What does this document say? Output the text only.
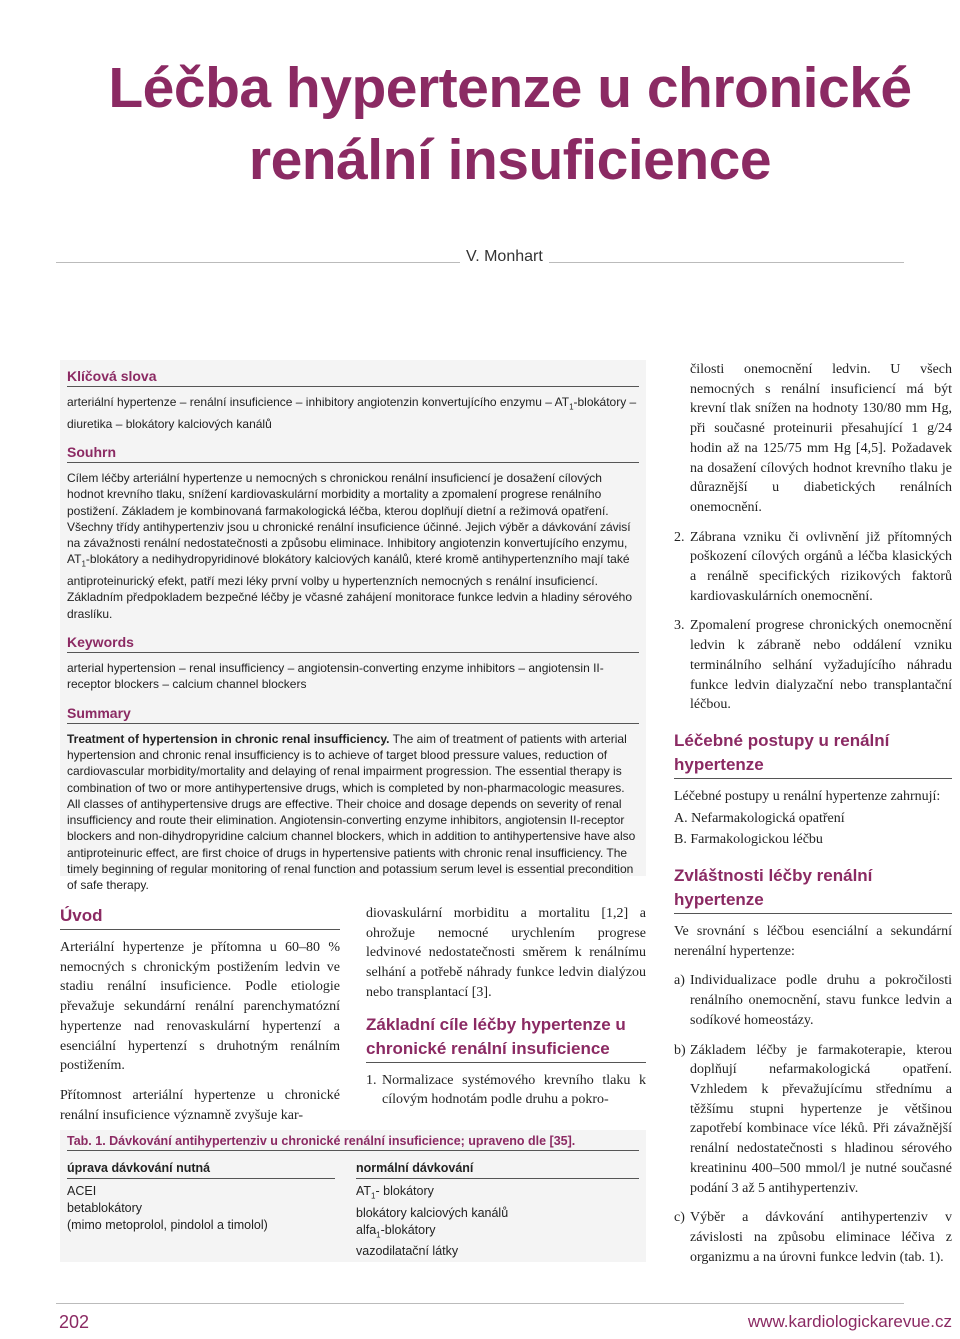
Léčba hypertenze u chronické renální insuficience
V. Monhart
Klíčová slova

arteriální hypertenze – renální insuficience – inhibitory angiotenzin konvertujícího enzymu – $AT_1$-blokátory – diuretika – blokátory kalciových kanálů

Souhrn

Cílem léčby arteriální hypertenze u nemocných s chronickou renální insuficiencí je dosažení cílových hodnot krevního tlaku, snížení kardiovaskulární morbidity a mortality a zpomalení progrese renálního postižení. Základem je kombinovaná farmakologická léčba, kterou doplňují dietní a režimová opatření. Všechny třídy antihypertenziv jsou u chronické renální insuficience účinné. Jejich výběr a dávkování závisí na závažnosti renální nedostatečnosti a způsobu eliminace. Inhibitory angiotenzin konvertujícího enzymu, $AT_1$-blokátory a nedihydropyridinové blokátory kalciových kanálů, které kromě antihypertenzního mají také antiproteinurický efekt, patří mezi léky první volby u hypertenzních nemocných s renální insuficiencí. Základním předpokladem bezpečné léčby je včasné zahájení monitorace funkce ledvin a hladiny sérového draslíku.

Keywords

arterial hypertension – renal insufficiency – angiotensin-converting enzyme inhibitors – angiotensin II-receptor blockers – calcium channel blockers

Summary

Treatment of hypertension in chronic renal insufficiency. The aim of treatment of patients with arterial hypertension and chronic renal insufficiency is to achieve of target blood pressure values, reduction of cardiovascular morbidity/mortality and delaying of renal impairment progression. The essential therapy is combination of two or more antihypertensive drugs, which is completed by non-pharmacologic measures. All classes of antihypertensive drugs are effective. Their choice and dosage depends on severity of renal insufficiency and route their elimination. Angiotensin-converting enzyme inhibitors, angiotensin II-receptor blockers and non-dihydropyridine calcium channel blockers, which in addition to antihypertensive have also antiproteinuric effect, are first choice of drugs in hypertensive patients with chronic renal insufficiency. The timely beginning of regular monitoring of renal function and potassium serum level is essential precondition of safe therapy.

Úvod

Arteriální hypertenze je přítomna u 60–80 % nemocných s chronickým postižením ledvin ve stadiu renální insuficience. Podle etiologie převažuje sekundární renální parenchymatózní hypertenze nad renovaskulární hypertenzí a esenciální hypertenzí s druhotným renálním postižením.

Přítomnost arteriální hypertenze u chronické renální insuficience významně zvyšuje kar-

diovaskulární morbiditu a mortalitu [1,2] a ohrožuje nemocné urychlením progrese ledvinové nedostatečnosti směrem k renálnímu selhání a potřebě náhrady funkce ledvin dialýzou nebo transplantací [3].

Základní cíle léčby hypertenze u chronické renální insuficience
1. Normalizace systémového krevního tlaku k cílovým hodnotám podle druhu a pokro-

čilosti onemocnění ledvin. U všech nemocných s renální insuficiencí má být krevní tlak snížen na hodnoty 130/80 mm Hg, při současné proteinurii přesahující 1 g/24 hodin až na 125/75 mm Hg [4,5]. Požadavek na dosažení cílových hodnot krevního tlaku je důraznější u diabetických renálních onemocnění.

2. Zábrana vzniku či ovlivnění již přítomných poškození cílových orgánů a léčba klasických a renálně specifických rizikových faktorů kardiovaskulárních onemocnění.
3. Zpomalení progrese chronických onemocnění ledvin k zábraně nebo oddálení vzniku terminálního selhání vyžadujícího náhradu funkce ledvin dialyzační nebo transplantační léčbou.
Léčebné postupy u renální hypertenze

Léčebné postupy u renální hypertenze zahrnují:

A. Nefarmakologická opatření

B. Farmakologickou léčbu

Zvláštnosti léčby renální hypertenze

Ve srovnání s léčbou esenciální a sekundární nerenální hypertenze:

a) Individualizace podle druhu a pokročilosti renálního onemocnění, stavu funkce ledvin a sodíkové homeostázy.
b) Základem léčby je farmakoterapie, kterou doplňují nefarmakologická opatření. Vzhledem k převažujícímu střednímu a těžšímu stupni hypertenze je většinou zapotřebí kombinace více léků. Při závažnější renální nedostatečnosti s hladinou sérového kreatininu 400–500 mmol/l je nutné současné podání 3 až 5 antihypertenziv.
c) Výběr a dávkování antihypertenziv v závislosti na způsobu eliminace léčiva z organizmu a na úrovni funkce ledvin (tab. 1).
Tab. 1. Dávkování antihypertenziv u chronické renální insuficience; upraveno dle [35].
úprava dávkování nutná
ACEI
betablokátory
(mimo metoprolol, pindolol a timolol)
normální dávkování
$AT_1-$ blokátory
blokátory kalciových kanálů
alfa$_1$-blokátory
vazodilatační látky
202	www.kardiologickarevue.cz
